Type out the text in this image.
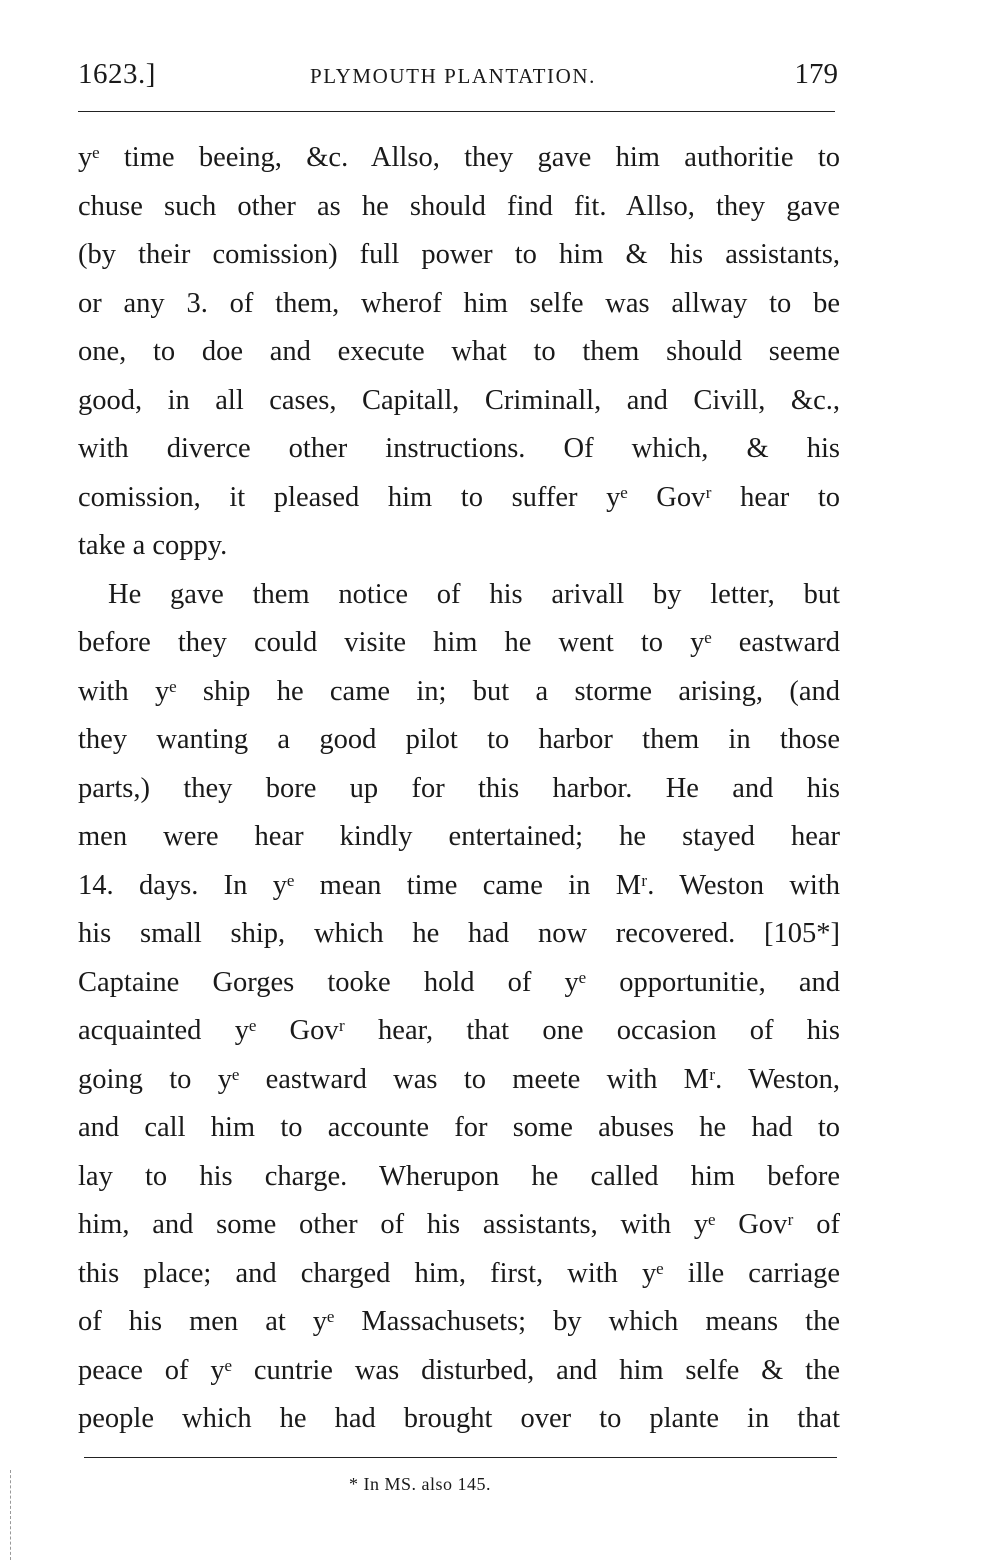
1623.]	PLYMOUTH PLANTATION.	179
yᵉ time beeing, &c. Allso, they gave him authoritie to
chuse such other as he should find fit. Allso, they gave
(by their comission) full power to him & his assistants,
or any 3. of them, wherof him selfe was allway to be
one, to doe and execute what to them should seeme
good, in all cases, Capitall, Criminall, and Civill, &c.,
with diverce other instructions. Of which, & his
comission, it pleased him to suffer yᵉ Govʳ hear to
take a coppy.
He gave them notice of his arivall by letter, but
before they could visite him he went to yᵉ eastward
with yᵉ ship he came in; but a storme arising, (and
they wanting a good pilot to harbor them in those
parts,) they bore up for this harbor. He and his
men were hear kindly entertained; he stayed hear
14. days. In yᵉ mean time came in Mʳ. Weston with
his small ship, which he had now recovered. [105*]
Captaine Gorges tooke hold of yᵉ opportunitie, and
acquainted yᵉ Govʳ hear, that one occasion of his
going to yᵉ eastward was to meete with Mʳ. Weston,
and call him to accounte for some abuses he had to
lay to his charge. Wherupon he called him before
him, and some other of his assistants, with yᵉ Govʳ of
this place; and charged him, first, with yᵉ ille carriage
of his men at yᵉ Massachusets; by which means the
peace of yᵉ cuntrie was disturbed, and him selfe & the
people which he had brought over to plante in that
* In MS. also 145.
